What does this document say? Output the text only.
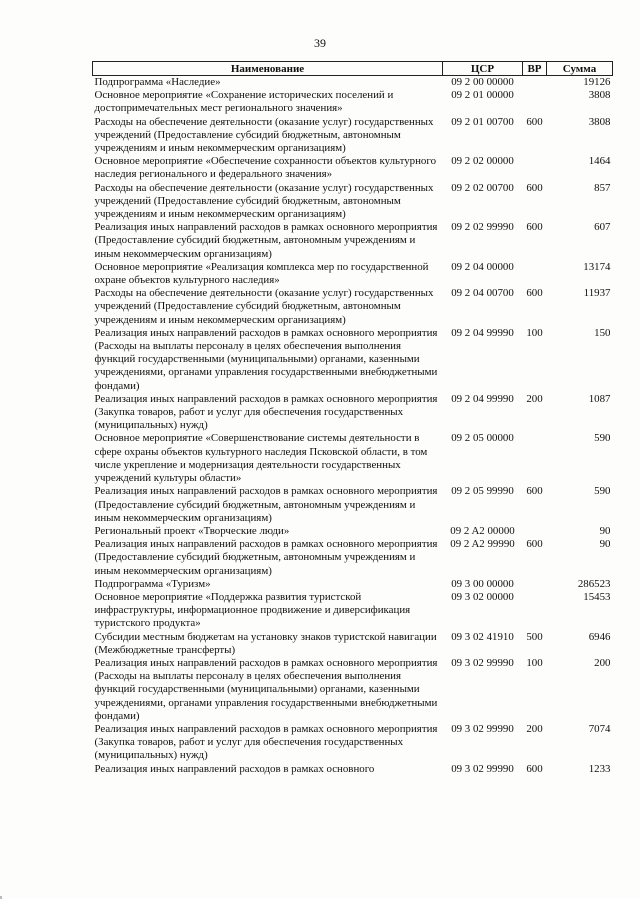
39
Наименование	ЦСР	ВР	Сумма
Подпрограмма «Наследие»	09 2 00 00000		19126
Основное мероприятие «Сохранение исторических поселений и достопримечательных мест регионального значения»	09 2 01 00000		3808
Расходы на обеспечение деятельности (оказание услуг) государственных учреждений (Предоставление субсидий бюджетным, автономным учреждениям и иным некоммерческим организациям)	09 2 01 00700	600	3808
Основное мероприятие «Обеспечение сохранности объектов культурного наследия регионального и федерального значения»	09 2 02 00000		1464
Расходы на обеспечение деятельности (оказание услуг) государственных учреждений (Предоставление субсидий бюджетным, автономным учреждениям и иным некоммерческим организациям)	09 2 02 00700	600	857
Реализация иных направлений расходов в рамках основного мероприятия (Предоставление субсидий бюджетным, автономным учреждениям и иным некоммерческим организациям)	09 2 02 99990	600	607
Основное мероприятие «Реализация комплекса мер по государственной охране объектов культурного наследия»	09 2 04 00000		13174
Расходы на обеспечение деятельности (оказание услуг) государственных учреждений (Предоставление субсидий бюджетным, автономным учреждениям и иным некоммерческим организациям)	09 2 04 00700	600	11937
Реализация иных направлений расходов в рамках основного мероприятия (Расходы на выплаты персоналу в целях обеспечения выполнения функций государственными (муниципальными) органами, казенными учреждениями, органами управления государственными внебюджетными фондами)	09 2 04 99990	100	150
Реализация иных направлений расходов в рамках основного мероприятия (Закупка товаров, работ и услуг для обеспечения государственных (муниципальных) нужд)	09 2 04 99990	200	1087
Основное мероприятие «Совершенствование системы деятельности в сфере охраны объектов культурного наследия Псковской области, в том числе укрепление и модернизация деятельности государственных учреждений культуры области»	09 2 05 00000		590
Реализация иных направлений расходов в рамках основного мероприятия (Предоставление субсидий бюджетным, автономным учреждениям и иным некоммерческим организациям)	09 2 05 99990	600	590
Региональный проект «Творческие люди»	09 2 A2 00000		90
Реализация иных направлений расходов в рамках основного мероприятия (Предоставление субсидий бюджетным, автономным учреждениям и иным некоммерческим организациям)	09 2 A2 99990	600	90
Подпрограмма «Туризм»	09 3 00 00000		286523
Основное мероприятие «Поддержка развития туристской инфраструктуры, информационное продвижение и диверсификация туристского продукта»	09 3 02 00000		15453
Субсидии местным бюджетам на установку знаков туристской навигации (Межбюджетные трансферты)	09 3 02 41910	500	6946
Реализация иных направлений расходов в рамках основного мероприятия (Расходы на выплаты персоналу в целях обеспечения выполнения функций государственными (муниципальными) органами, казенными учреждениями, органами управления государственными внебюджетными фондами)	09 3 02 99990	100	200
Реализация иных направлений расходов в рамках основного мероприятия (Закупка товаров, работ и услуг для обеспечения государственных (муниципальных) нужд)	09 3 02 99990	200	7074
Реализация иных направлений расходов в рамках основного	09 3 02 99990	600	1233
